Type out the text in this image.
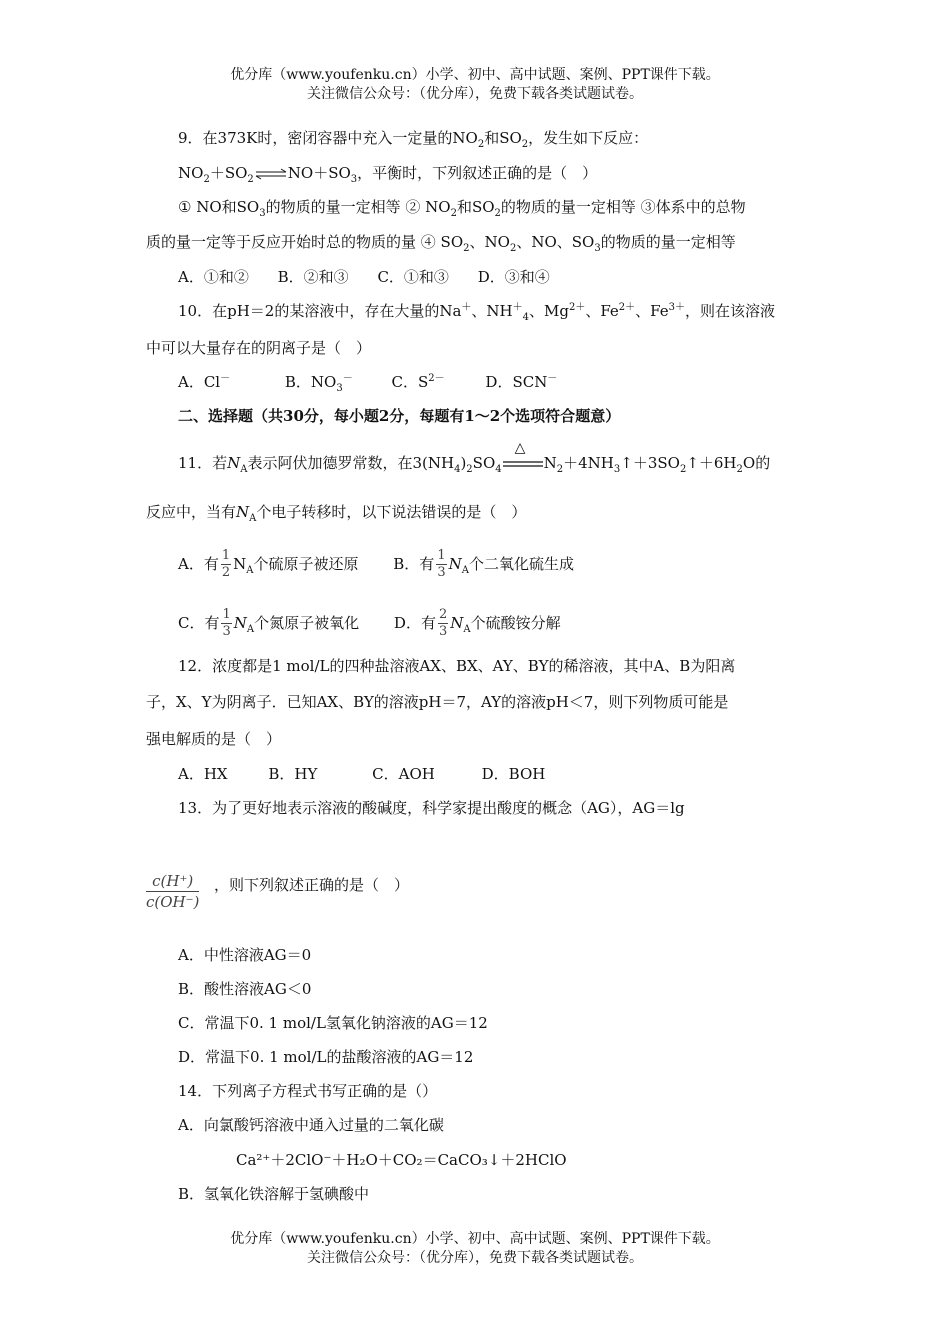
优分库（www.youfenku.cn）小学、初中、高中试题、案例、PPT课件下载。
关注微信公众号：（优分库），免费下载各类试题试卷。
9．在373K时，密闭容器中充入一定量的$NO_2$和$SO_2$，发生如下反应：
$NO_2+SO_2\rightleftharpoons NO+SO_3$，平衡时，下列叙述正确的是（　）
① NO和$SO_3$的物质的量一定相等 ② $NO_2$和$SO_2$的物质的量一定相等 ③体系中的总物
质的量一定等于反应开始时总的物质的量 ④ $SO_2$、$NO_2$、NO、$SO_3$的物质的量一定相等
A．①和② B．②和③ C．①和③ D．③和④
10．在pH＝2的某溶液中，存在大量的Na＋、$NH^+_4$、$Mg^{2+}$、$Fe^{2+}$、$Fe^{3+}$，则在该溶液
中可以大量存在的阴离子是（　）
A．Cl－	B．$NO_3^-$	C．$S^{2-}$	D．SCN－
二、选择题（共30分，每小题2分，每题有1～2个选项符合题意）
11．若$N_A$表示阿伏加德罗常数，在$3(NH_4)_2SO_4$
△
$N_2+4NH_3↑+3SO_2↑+6H_2O$的
反应中，当有$N_A$个电子转移时，以下说法错误的是（　）
A．有 $\frac{1}{2} N_A$个硫原子被还原 B．有 $\frac{1}{3} N_A$个二氧化硫生成
C．有 $\frac{1}{3} N_A$个氮原子被氧化 D．有 $\frac{2}{3} N_A$个硫酸铵分解
12．浓度都是1 mol/L的四种盐溶液AX、BX、AY、BY的稀溶液，其中A、B为阳离
子，X、Y为阴离子．已知AX、BY的溶液pH＝7，AY的溶液pH＜7，则下列物质可能是
强电解质的是（　）
A．HX	B．HY	C．AOH	D．BOH
13．为了更好地表示溶液的酸碱度，科学家提出酸度的概念（AG），AG＝lg
c(H⁺)
c(OH⁻)
，则下列叙述正确的是（　）
A．中性溶液AG＝0
B．酸性溶液AG＜0
C．常温下0. 1 mol/L氢氧化钠溶液的AG＝12
D．常温下0. 1 mol/L的盐酸溶液的AG＝12
14．下列离子方程式书写正确的是（）
A．向氯酸钙溶液中通入过量的二氧化碳
Ca²⁺＋2ClO⁻＋H₂O＋CO₂＝CaCO₃↓＋2HClO
B．氢氧化铁溶解于氢碘酸中
优分库（www.youfenku.cn）小学、初中、高中试题、案例、PPT课件下载。
关注微信公众号：（优分库），免费下载各类试题试卷。
